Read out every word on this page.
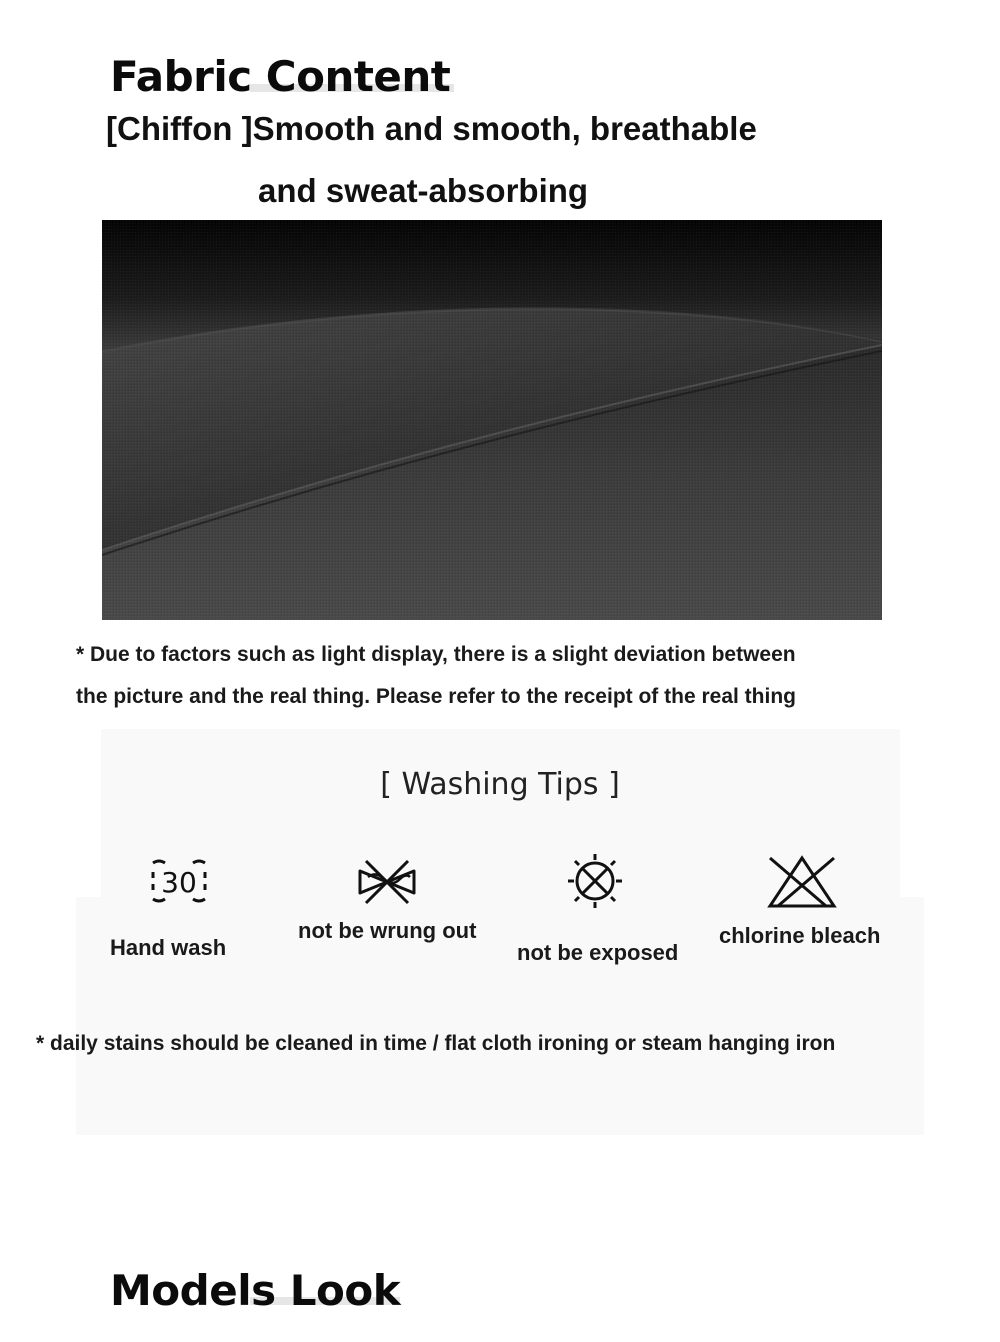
Fabric Content
[Chiffon ]Smooth and smooth, breathable
and sweat-absorbing
* Due to factors such as light display, there is a slight deviation between
the picture and the real thing. Please refer to the receipt of the real thing
[ Washing Tips ]
30
Hand wash
not be wrung out
not be exposed
chlorine bleach
* daily stains should be cleaned in time / flat cloth ironing or steam hanging iron
Models Look
